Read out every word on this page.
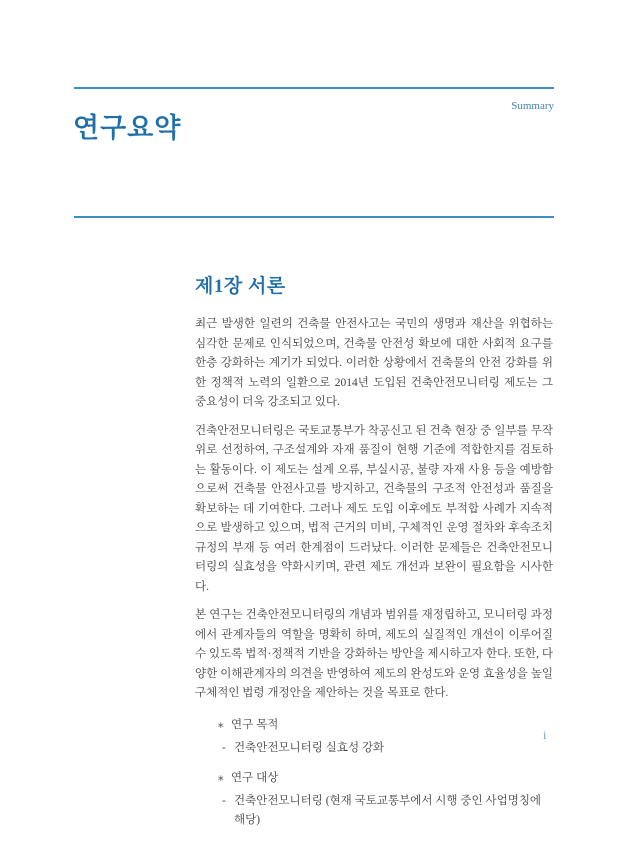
연구요약
Summary
제1장 서론

최근 발생한 일련의 건축물 안전사고는 국민의 생명과 재산을 위협하는 심각한 문제로 인식되었으며, 건축물 안전성 확보에 대한 사회적 요구를 한층 강화하는 계기가 되었다. 이러한 상황에서 건축물의 안전 강화를 위한 정책적 노력의 일환으로 2014년 도입된 건축안전모니터링 제도는 그 중요성이 더욱 강조되고 있다.

건축안전모니터링은 국토교통부가 착공신고 된 건축 현장 중 일부를 무작위로 선정하여, 구조설계와 자재 품질이 현행 기준에 적합한지를 검토하는 활동이다. 이 제도는 설계 오류, 부실시공, 불량 자재 사용 등을 예방함으로써 건축물 안전사고를 방지하고, 건축물의 구조적 안전성과 품질을 확보하는 데 기여한다. 그러나 제도 도입 이후에도 부적합 사례가 지속적으로 발생하고 있으며, 법적 근거의 미비, 구체적인 운영 절차와 후속조치 규정의 부재 등 여러 한계점이 드러났다. 이러한 문제들은 건축안전모니터링의 실효성을 약화시키며, 관련 제도 개선과 보완이 필요함을 시사한다.

본 연구는 건축안전모니터링의 개념과 범위를 재정립하고, 모니터링 과정에서 관계자들의 역할을 명확히 하며, 제도의 실질적인 개선이 이루어질 수 있도록 법적·정책적 기반을 강화하는 방안을 제시하고자 한다. 또한, 다양한 이해관계자의 의견을 반영하여 제도의 완성도와 운영 효율성을 높일 구체적인 법령 개정안을 제안하는 것을 목표로 한다.

∗ 연구 목적
- 건축안전모니터링 실효성 강화
∗ 연구 대상
- 건축안전모니터링 (현재 국토교통부에서 시행 중인 사업명칭에 해당)
i
